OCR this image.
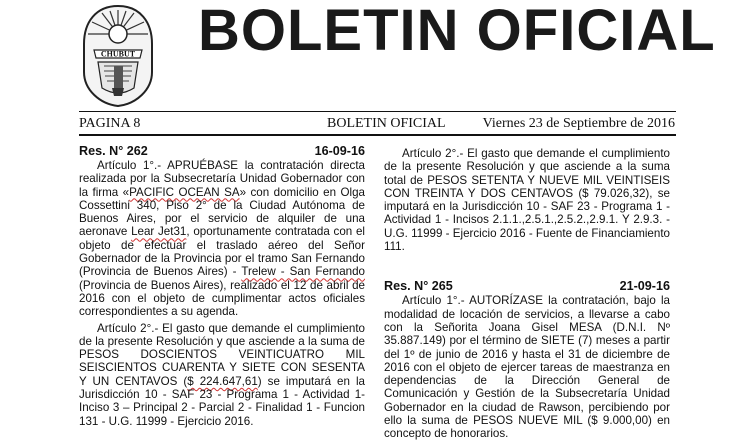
CHUBUT BOLETIN OFICIAL
PAGINA 8	BOLETIN OFICIAL	Viernes 23 de Septiembre de 2016
Res. N° 262	16-09-16

Artículo 1°.- APRUÉBASE la contratación directa realizada por la Subsecretaría Unidad Gobernador con la firma «PACIFIC OCEAN SA» con domicilio en Olga Cossettini 340, Piso 2° de la Ciudad Autónoma de Buenos Aires, por el servicio de alquiler de una aeronave Lear Jet31, oportunamente contratada con el objeto de efectuar el traslado aéreo del Señor Gobernador de la Provincia por el tramo San Fernando (Provincia de Buenos Aires) - Trelew - San Fernando (Provincia de Buenos Aires), realizado el 12 de abril de 2016 con el objeto de cumplimentar actos oficiales correspondientes a su agenda.

Artículo 2°.- El gasto que demande el cumplimiento de la presente Resolución y que asciende a la suma de PESOS DOSCIENTOS VEINTICUATRO MIL SEISCIENTOS CUARENTA Y SIETE CON SESENTA Y UN CENTAVOS ($ 224.647,61) se imputará en la Jurisdicción 10 - SAF 23 - Programa 1 - Actividad 1- Inciso 3 – Principal 2 - Parcial 2 - Finalidad 1 - Funcion 131 - U.G. 11999 - Ejercicio 2016.

Artículo 2°.- El gasto que demande el cumplimiento de la presente Resolución y que asciende a la suma total de PESOS SETENTA Y NUEVE MIL VEINTISEIS CON TREINTA Y DOS CENTAVOS ($ 79.026,32), se imputará en la Jurisdicción 10 - SAF 23 - Programa 1 - Actividad 1 - Incisos 2.1.1.,2.5.1.,2.5.2.,2.9.1. Y 2.9.3. - U.G. 11999 - Ejercicio 2016 - Fuente de Financiamiento 111.

Res. N° 265	21-09-16

Artículo 1°.- AUTORÍZASE la contratación, bajo la modalidad de locación de servicios, a llevarse a cabo con la Señorita Joana Gisel MESA (D.N.I. Nº 35.887.149) por el término de SIETE (7) meses a partir del 1º de junio de 2016 y hasta el 31 de diciembre de 2016 con el objeto de ejercer tareas de maestranza en dependencias de la Dirección General de Comunicación y Gestión de la Subsecretaría Unidad Gobernador en la ciudad de Rawson, percibiendo por ello la suma de PESOS NUEVE MIL ($ 9.000,00) en concepto de honorarios.
